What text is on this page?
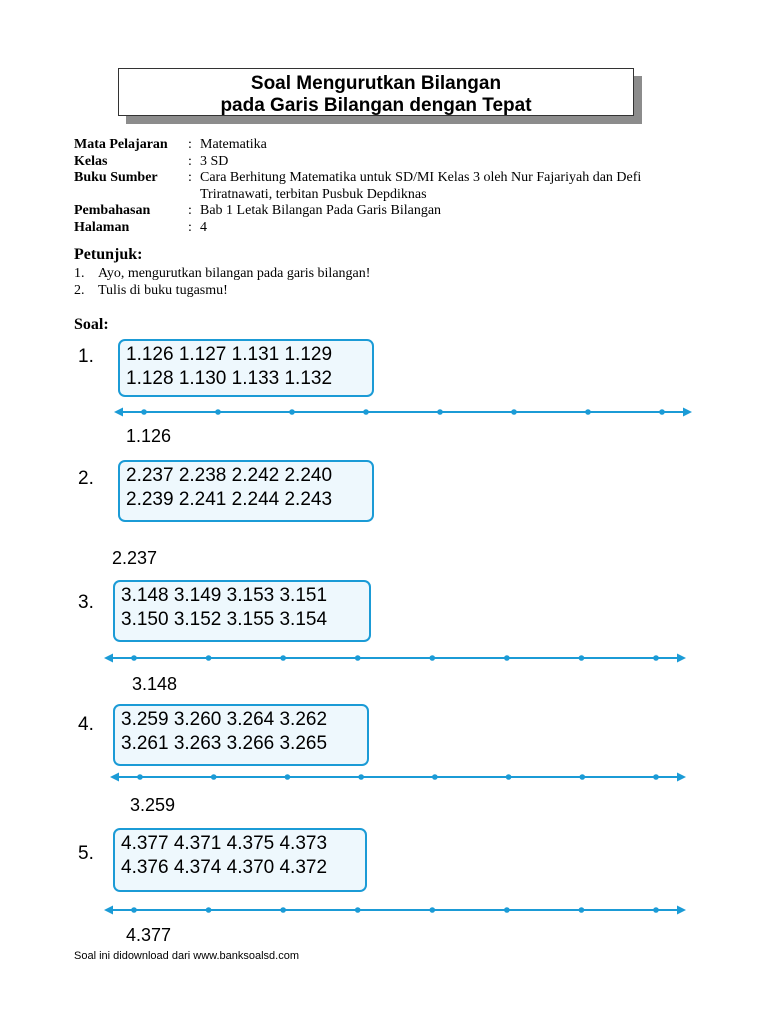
Soal Mengurutkan Bilangan
pada Garis Bilangan dengan Tepat
Mata Pelajaran	: Matematika
Kelas	: 3 SD
Buku Sumber	: Cara Berhitung Matematika untuk SD/MI Kelas 3 oleh Nur Fajariyah dan Defi Triratnawati, terbitan Pusbuk Depdiknas
Pembahasan	: Bab 1 Letak Bilangan Pada Garis Bilangan
Halaman	: 4
Petunjuk:
1. Ayo, mengurutkan bilangan pada garis bilangan!
2. Tulis di buku tugasmu!
Soal:
1. 1.126 1.127 1.131 1.129
1.128 1.130 1.133 1.132
1.126
2. 2.237 2.238 2.242 2.240
2.239 2.241 2.244 2.243
2.237
3. 3.148 3.149 3.153 3.151
3.150 3.152 3.155 3.154
3.148
4. 3.259 3.260 3.264 3.262
3.261 3.263 3.266 3.265
3.259
5. 4.377 4.371 4.375 4.373
4.376 4.374 4.370 4.372
4.377
Soal ini didownload dari www.banksoalsd.com
